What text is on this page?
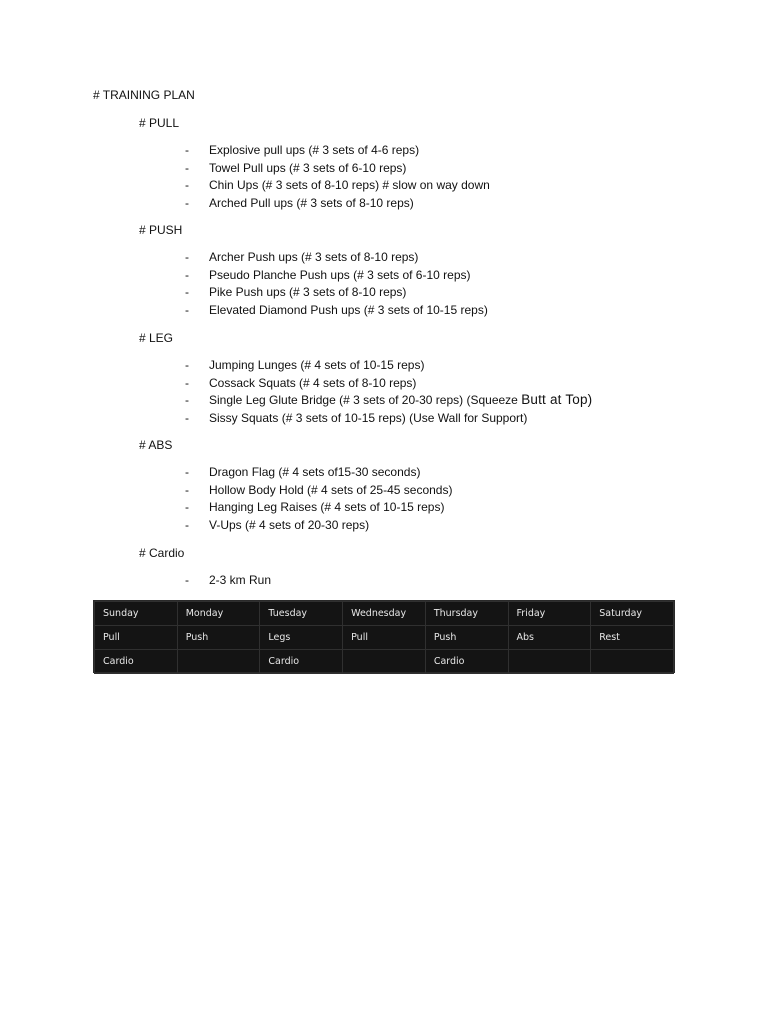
# TRAINING PLAN
# PULL
- Explosive pull ups (# 3 sets of 4-6 reps)
- Towel Pull ups (# 3 sets of 6-10 reps)
- Chin Ups (# 3 sets of 8-10 reps) # slow on way down
- Arched Pull ups (# 3 sets of 8-10 reps)
# PUSH
- Archer Push ups (# 3 sets of 8-10 reps)
- Pseudo Planche Push ups (# 3 sets of 6-10 reps)
- Pike Push ups (# 3 sets of 8-10 reps)
- Elevated Diamond Push ups (# 3 sets of 10-15 reps)
# LEG
- Jumping Lunges (# 4 sets of 10-15 reps)
- Cossack Squats (# 4 sets of 8-10 reps)
- Single Leg Glute Bridge (# 3 sets of 20-30 reps) (Squeeze Butt at Top)
- Sissy Squats (# 3 sets of 10-15 reps) (Use Wall for Support)
# ABS
- Dragon Flag (# 4 sets of15-30 seconds)
- Hollow Body Hold (# 4 sets of 25-45 seconds)
- Hanging Leg Raises (# 4 sets of 10-15 reps)
- V-Ups (# 4 sets of 20-30 reps)
# Cardio
- 2-3 km Run
Sunday	Monday	Tuesday	Wednesday	Thursday	Friday	Saturday
Pull	Push	Legs	Pull	Push	Abs	Rest
Cardio		Cardio		Cardio		
